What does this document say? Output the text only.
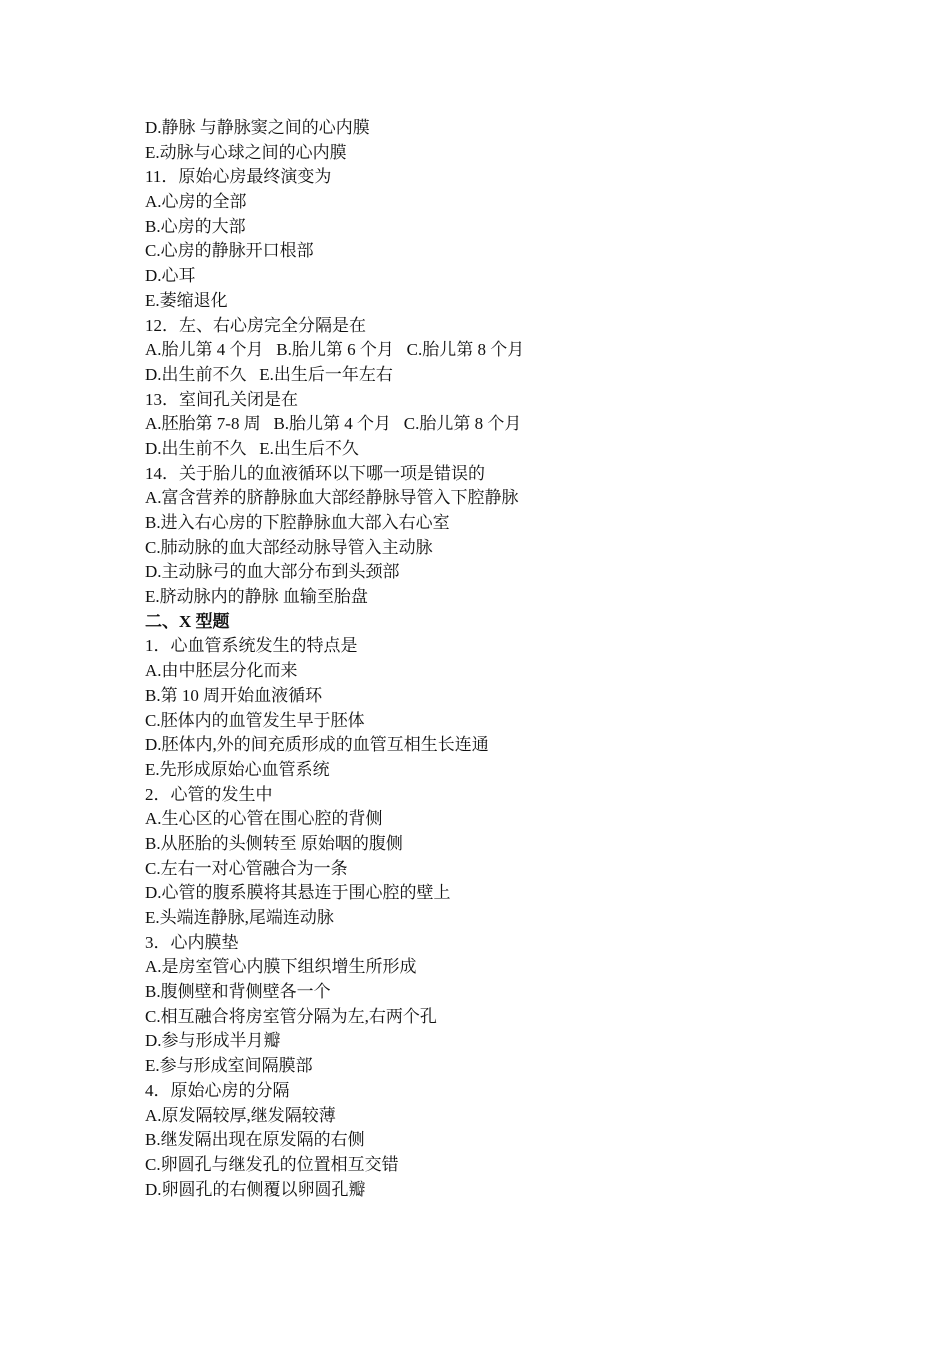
D.静脉 与静脉窦之间的心内膜
E.动脉与心球之间的心内膜
11．原始心房最终演变为
A.心房的全部
B.心房的大部
C.心房的静脉开口根部
D.心耳
E.萎缩退化
12．左、右心房完全分隔是在
A.胎儿第 4 个月   B.胎儿第 6 个月   C.胎儿第 8 个月
D.出生前不久   E.出生后一年左右
13．室间孔关闭是在
A.胚胎第 7-8 周   B.胎儿第 4 个月   C.胎儿第 8 个月
D.出生前不久   E.出生后不久
14．关于胎儿的血液循环以下哪一项是错误的
A.富含营养的脐静脉血大部经静脉导管入下腔静脉
B.进入右心房的下腔静脉血大部入右心室
C.肺动脉的血大部经动脉导管入主动脉
D.主动脉弓的血大部分布到头颈部
E.脐动脉内的静脉 血输至胎盘
二、X 型题
1．心血管系统发生的特点是
A.由中胚层分化而来
B.第 10 周开始血液循环
C.胚体内的血管发生早于胚体
D.胚体内,外的间充质形成的血管互相生长连通
E.先形成原始心血管系统
2．心管的发生中
A.生心区的心管在围心腔的背侧
B.从胚胎的头侧转至 原始咽的腹侧
C.左右一对心管融合为一条
D.心管的腹系膜将其悬连于围心腔的壁上
E.头端连静脉,尾端连动脉
3．心内膜垫
A.是房室管心内膜下组织增生所形成
B.腹侧壁和背侧壁各一个
C.相互融合将房室管分隔为左,右两个孔
D.参与形成半月瓣
E.参与形成室间隔膜部
4．原始心房的分隔
A.原发隔较厚,继发隔较薄
B.继发隔出现在原发隔的右侧
C.卵圆孔与继发孔的位置相互交错
D.卵圆孔的右侧覆以卵圆孔瓣
